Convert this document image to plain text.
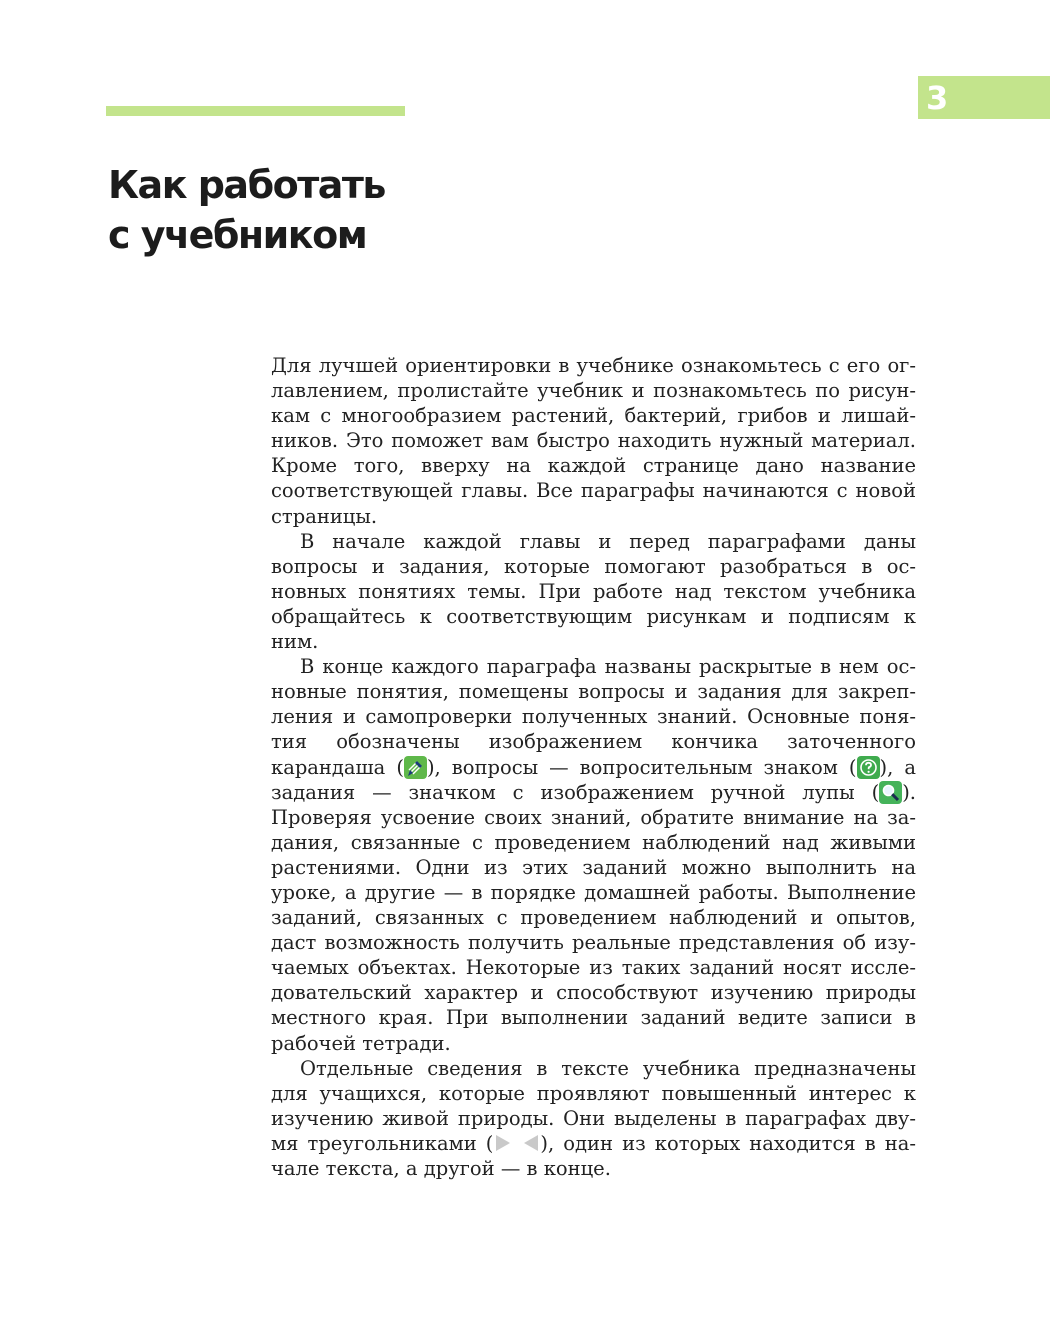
3
Как работать
с учебником

Для лучшей ориентировки в учебнике ознакомьтесь с его оглавлением, пролистайте учебник и познакомьтесь по рисункам с многообразием растений, бактерий, грибов и лишайников. Это поможет вам быстро находить нужный материал. Кроме того, вверху на каждой странице дано название соответствующей главы. Все параграфы начинаются с новой страницы.

В начале каждой главы и перед параграфами даны вопросы и задания, которые помогают разобраться в основных понятиях темы. При работе над текстом учебника обращайтесь к соответствующим рисункам и подписям к ним.

В конце каждого параграфа названы раскрытые в нем основные понятия, помещены вопросы и задания для закрепления и самопроверки полученных знаний. Основные понятия обозначены изображением кончика заточенного карандаша ( ), вопросы — вопросительным знаком ( ), а задания — значком с изображением ручной лупы ( ). Проверяя усвоение своих знаний, обратите внимание на задания, связанные с проведением наблюдений над живыми растениями. Одни из этих заданий можно выполнить на уроке, а другие — в порядке домашней работы. Выполнение заданий, связанных с проведением наблюдений и опытов, даст возможность получить реальные представления об изучаемых объектах. Некоторые из таких заданий носят исследовательский характер и способствуют изучению природы местного края. При выполнении заданий ведите записи в рабочей тетради.

Отдельные сведения в тексте учебника предназначены для учащихся, которые проявляют повышенный интерес к изучению живой природы. Они выделены в параграфах двумя треугольниками ( ), один из которых находится в начале текста, а другой — в конце.
